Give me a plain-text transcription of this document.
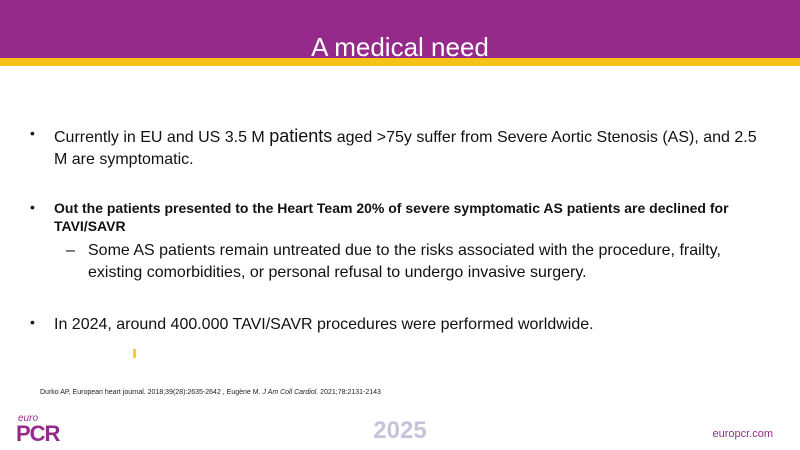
A medical need
•	Currently in EU and US 3.5 M patients aged >75y suffer from Severe Aortic Stenosis (AS), and 2.5 M are symptomatic.
•	Out the patients presented to the Heart Team 20% of severe symptomatic AS patients are declined for TAVI/SAVR
– Some AS patients remain untreated due to the risks associated with the procedure, frailty, existing comorbidities, or personal refusal to undergo invasive surgery.
•	In 2024, around 400.000 TAVI/SAVR procedures were performed worldwide.
Durko AP, European heart journal. 2018;39(28):2635-2642 , Eugène M. J Am Coll Cardiol. 2021;78:2131-2143
euro
PCR	2025	europcr.com
